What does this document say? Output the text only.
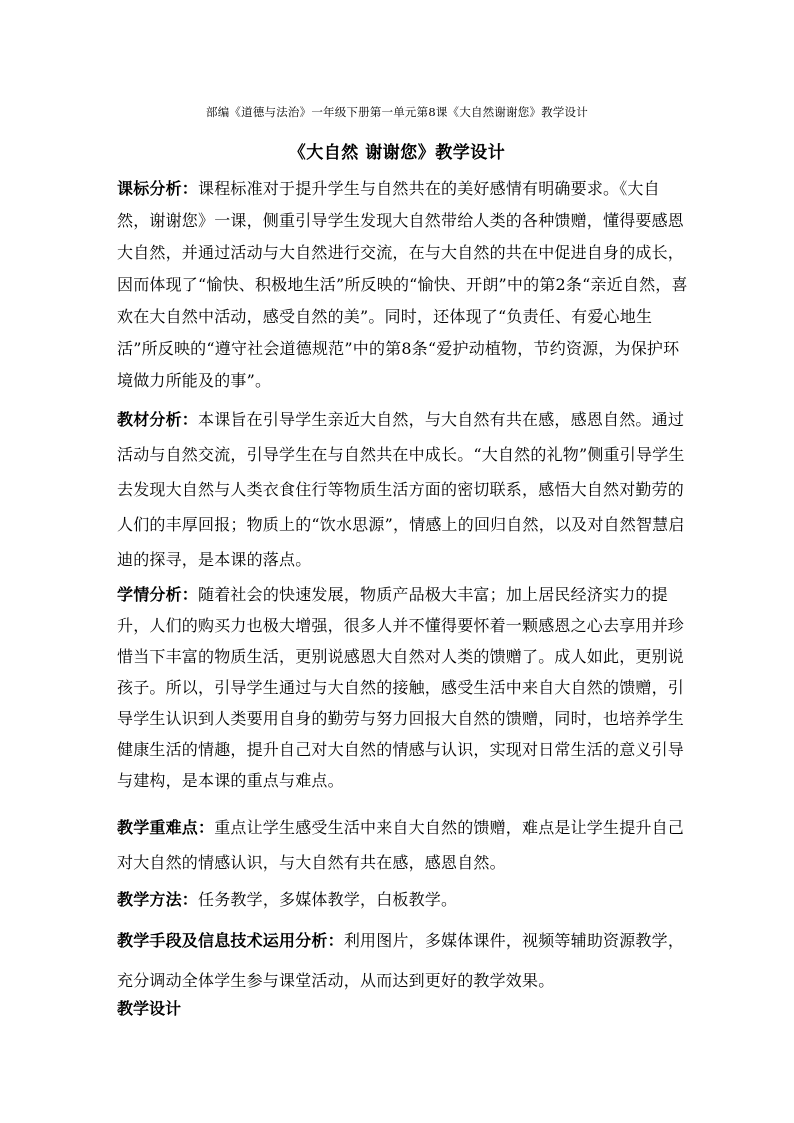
部编《道德与法治》一年级下册第一单元第8课《大自然谢谢您》教学设计
《大自然 谢谢您》教学设计
课标分析：课程标准对于提升学生与自然共在的美好感情有明确要求。《大自然，谢谢您》一课，侧重引导学生发现大自然带给人类的各种馈赠，懂得要感恩大自然，并通过活动与大自然进行交流，在与大自然的共在中促进自身的成长，因而体现了“愉快、积极地生活”所反映的“愉快、开朗”中的第2条“亲近自然，喜欢在大自然中活动，感受自然的美”。同时，还体现了“负责任、有爱心地生活”所反映的“遵守社会道德规范”中的第8条“爱护动植物，节约资源，为保护环境做力所能及的事”。
教材分析：本课旨在引导学生亲近大自然，与大自然有共在感，感恩自然。通过活动与自然交流，引导学生在与自然共在中成长。“大自然的礼物”侧重引导学生去发现大自然与人类衣食住行等物质生活方面的密切联系，感悟大自然对勤劳的人们的丰厚回报；物质上的“饮水思源”，情感上的回归自然，以及对自然智慧启迪的探寻，是本课的落点。
学情分析：随着社会的快速发展，物质产品极大丰富；加上居民经济实力的提升，人们的购买力也极大增强，很多人并不懂得要怀着一颗感恩之心去享用并珍惜当下丰富的物质生活，更别说感恩大自然对人类的馈赠了。成人如此，更别说孩子。所以，引导学生通过与大自然的接触，感受生活中来自大自然的馈赠，引导学生认识到人类要用自身的勤劳与努力回报大自然的馈赠，同时，也培养学生健康生活的情趣，提升自己对大自然的情感与认识，实现对日常生活的意义引导与建构，是本课的重点与难点。
教学重难点：重点让学生感受生活中来自大自然的馈赠，难点是让学生提升自己对大自然的情感认识，与大自然有共在感，感恩自然。
教学方法：任务教学，多媒体教学，白板教学。
教学手段及信息技术运用分析：利用图片，多媒体课件，视频等辅助资源教学，充分调动全体学生参与课堂活动，从而达到更好的教学效果。
教学设计
